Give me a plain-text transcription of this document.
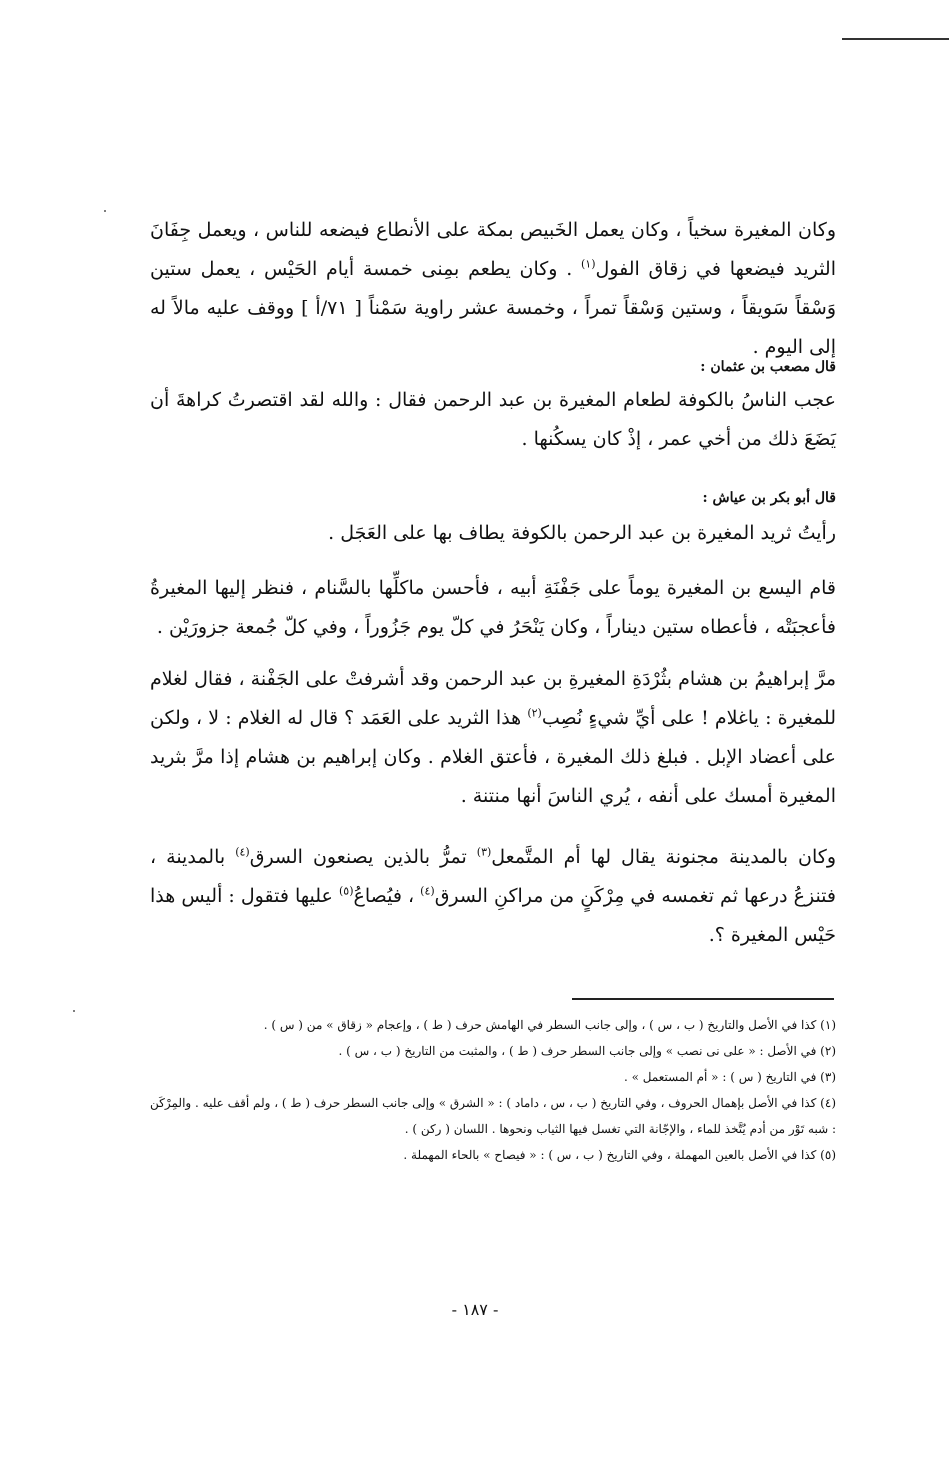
وكان المغيرة سخياً ، وكان يعمل الخَبيص بمكة على الأنطاع فيضعه للناس ، ويعمل جِفَانَ الثريد فيضعها في زقاق الفول$^{(١)}$ . وكان يطعم بمِنى خمسة أيام الحَيْس ، يعمل ستين وَسْقاً سَويقاً ، وستين وَسْقاً تمراً ، وخمسة عشر راوية سَمْناً [ ٧١/أ ] ووقف عليه مالاً له إلى اليوم .

قال مصعب بن عثمان :

عجب الناسُ بالكوفة لطعام المغيرة بن عبد الرحمن فقال : والله لقد اقتصرتُ كراهةَ أن يَضَعَ ذلك من أخي عمر ، إذْ كان يسكُنها .

قال أبو بكر بن عياش :

رأيتُ ثريد المغيرة بن عبد الرحمن بالكوفة يطاف بها على العَجَل .

قام اليسع بن المغيرة يوماً على جَفْنَةِ أبيه ، فأحسن ماكلِّها بالسَّنام ، فنظر إليها المغيرةُ فأعجبَتْه ، فأعطاه ستين ديناراً ، وكان يَنْحَرُ في كلّ يوم جَزُوراً ، وفي كلّ جُمعة جزورَيْن .

مرَّ إبراهيمُ بن هشام بثُرْدَةِ المغيرةِ بن عبد الرحمن وقد أشرفتْ على الجَفْنة ، فقال لغلام للمغيرة : ياغلام ! على أيِّ شيءٍ نُصِب$^{(٢)}$ هذا الثريد على العَمَد ؟ قال له الغلام : لا ، ولكن على أعضاد الإبل . فبلغ ذلك المغيرة ، فأعتق الغلام . وكان إبراهيم بن هشام إذا مرَّ بثريد المغيرة أمسك على أنفه ، يُري الناسَ أنها منتنة .

وكان بالمدينة مجنونة يقال لها أم المتَّمعل$^{(٣)}$ تمرُّ بالذين يصنعون السرق$^{(٤)}$ بالمدينة ، فتنزعُ درعها ثم تغمسه في مِرْكَنٍ من مراكنِ السرق$^{(٤)}$ ، فيُصاعُ$^{(٥)}$ عليها فتقول : أليس هذا حَيْس المغيرة ؟.

(١) كذا في الأصل والتاريخ ( ب ، س ) ، وإلى جانب السطر في الهامش حرف ( ط ) ، وإعجام « زقاق » من ( س ) .

(٢) في الأصل : « على نى نصب » وإلى جانب السطر حرف ( ط ) ، والمثبت من التاريخ ( ب ، س ) .

(٣) في التاريخ ( س ) : « أم المستعمل » .

(٤) كذا في الأصل بإهمال الحروف ، وفي التاريخ ( ب ، س ، داماد ) : « الشرق » وإلى جانب السطر حرف ( ط ) ، ولم أقف عليه . والمِرْكَن : شبه تَوْر من أدم يُتَّخذ للماء ، والإجّانة التي تغسل فيها الثياب ونحوها . اللسان ( ركن ) .

(٥) كذا في الأصل بالعين المهملة ، وفي التاريخ ( ب ، س ) : « فيصاح » بالحاء المهملة .

- ١٨٧ -
